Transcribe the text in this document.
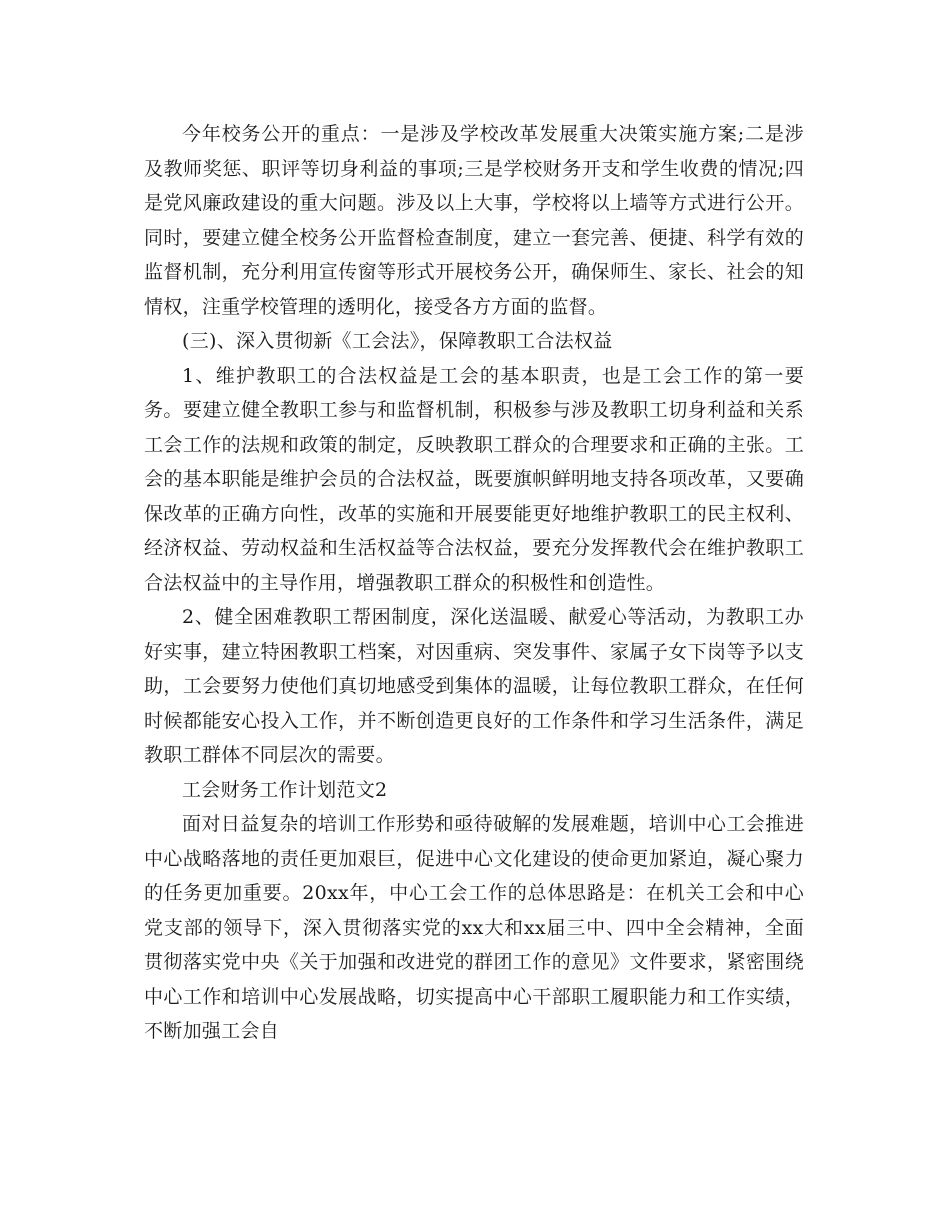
今年校务公开的重点：一是涉及学校改革发展重大决策实施方案;二是涉及教师奖惩、职评等切身利益的事项;三是学校财务开支和学生收费的情况;四是党风廉政建设的重大问题。涉及以上大事，学校将以上墙等方式进行公开。同时，要建立健全校务公开监督检查制度，建立一套完善、便捷、科学有效的监督机制，充分利用宣传窗等形式开展校务公开，确保师生、家长、社会的知情权，注重学校管理的透明化，接受各方方面的监督。

(三)、深入贯彻新《工会法》，保障教职工合法权益

1、维护教职工的合法权益是工会的基本职责，也是工会工作的第一要务。要建立健全教职工参与和监督机制，积极参与涉及教职工切身利益和关系工会工作的法规和政策的制定，反映教职工群众的合理要求和正确的主张。工会的基本职能是维护会员的合法权益，既要旗帜鲜明地支持各项改革，又要确保改革的正确方向性，改革的实施和开展要能更好地维护教职工的民主权利、经济权益、劳动权益和生活权益等合法权益，要充分发挥教代会在维护教职工合法权益中的主导作用，增强教职工群众的积极性和创造性。

2、健全困难教职工帮困制度，深化送温暖、献爱心等活动，为教职工办好实事，建立特困教职工档案，对因重病、突发事件、家属子女下岗等予以支助，工会要努力使他们真切地感受到集体的温暖，让每位教职工群众，在任何时候都能安心投入工作，并不断创造更良好的工作条件和学习生活条件，满足教职工群体不同层次的需要。

工会财务工作计划范文2

面对日益复杂的培训工作形势和亟待破解的发展难题，培训中心工会推进中心战略落地的责任更加艰巨，促进中心文化建设的使命更加紧迫，凝心聚力的任务更加重要。20xx年，中心工会工作的总体思路是：在机关工会和中心党支部的领导下，深入贯彻落实党的xx大和xx届三中、四中全会精神，全面贯彻落实党中央《关于加强和改进党的群团工作的意见》文件要求，紧密围绕中心工作和培训中心发展战略，切实提高中心干部职工履职能力和工作实绩，不断加强工会自
